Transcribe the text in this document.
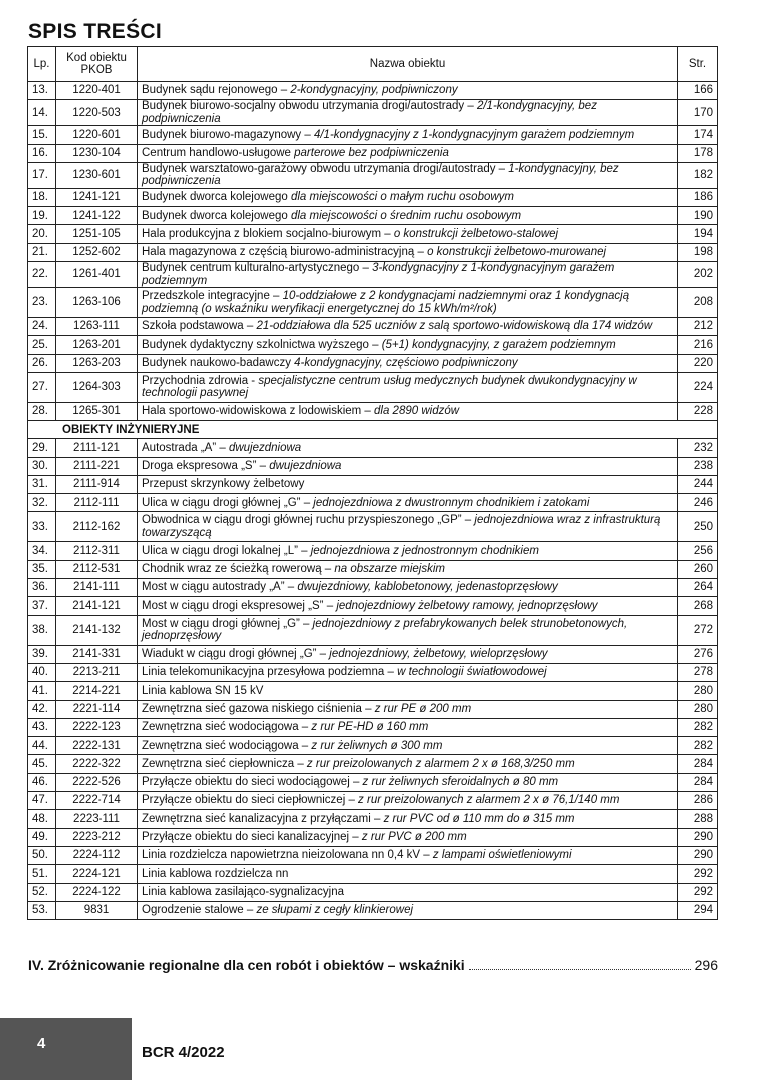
SPIS TREŚCI
Lp.	Kod obiektu PKOB	Nazwa obiektu	Str.
13.	1220-401	Budynek sądu rejonowego – 2-kondygnacyjny, podpiwniczony	166
14.	1220-503	Budynek biurowo-socjalny obwodu utrzymania drogi/autostrady – 2/1-kondygnacyjny, bez podpiwniczenia	170
15.	1220-601	Budynek biurowo-magazynowy – 4/1-kondygnacyjny z 1-kondygnacyjnym garażem podziemnym	174
16.	1230-104	Centrum handlowo-usługowe parterowe bez podpiwniczenia	178
17.	1230-601	Budynek warsztatowo-garażowy obwodu utrzymania drogi/autostrady – 1-kondygnacyjny, bez podpiwniczenia	182
18.	1241-121	Budynek dworca kolejowego dla miejscowości o małym ruchu osobowym	186
19.	1241-122	Budynek dworca kolejowego dla miejscowości o średnim ruchu osobowym	190
20.	1251-105	Hala produkcyjna z blokiem socjalno-biurowym – o konstrukcji żelbetowo-stalowej	194
21.	1252-602	Hala magazynowa z częścią biurowo-administracyjną – o konstrukcji żelbetowo-murowanej	198
22.	1261-401	Budynek centrum kulturalno-artystycznego – 3-kondygnacyjny z 1-kondygnacyjnym garażem podziemnym	202
23.	1263-106	Przedszkole integracyjne – 10-oddziałowe z 2 kondygnacjami nadziemnymi oraz 1 kondygnacją podziemną (o wskaźniku weryfikacji energetycznej do 15 kWh/m²/rok)	208
24.	1263-111	Szkoła podstawowa – 21-oddziałowa dla 525 uczniów z salą sportowo-widowiskową dla 174 widzów	212
25.	1263-201	Budynek dydaktyczny szkolnictwa wyższego – (5+1) kondygnacyjny, z garażem podziemnym	216
26.	1263-203	Budynek naukowo-badawczy 4-kondygnacyjny, częściowo podpiwniczony	220
27.	1264-303	Przychodnia zdrowia - specjalistyczne centrum usług medycznych budynek dwukondygnacyjny w technologii pasywnej	224
28.	1265-301	Hala sportowo-widowiskowa z lodowiskiem – dla 2890 widzów	228
OBIEKTY INŻYNIERYJNE			
29.	2111-121	Autostrada „A” – dwujezdniowa	232
30.	2111-221	Droga ekspresowa „S” – dwujezdniowa	238
31.	2111-914	Przepust skrzynkowy żelbetowy	244
32.	2112-111	Ulica w ciągu drogi głównej „G” – jednojezdniowa z dwustronnym chodnikiem i zatokami	246
33.	2112-162	Obwodnica w ciągu drogi głównej ruchu przyspieszonego „GP” – jednojezdniowa wraz z infrastrukturą towarzyszącą	250
34.	2112-311	Ulica w ciągu drogi lokalnej „L” – jednojezdniowa z jednostronnym chodnikiem	256
35.	2112-531	Chodnik wraz ze ścieżką rowerową – na obszarze miejskim	260
36.	2141-111	Most w ciągu autostrady „A” – dwujezdniowy, kablobetonowy, jedenastoprzęsłowy	264
37.	2141-121	Most w ciągu drogi ekspresowej „S” – jednojezdniowy żelbetowy ramowy, jednoprzęsłowy	268
38.	2141-132	Most w ciągu drogi głównej „G” – jednojezdniowy z prefabrykowanych belek strunobetonowych, jednoprzęsłowy	272
39.	2141-331	Wiadukt w ciągu drogi głównej „G” – jednojezdniowy, żelbetowy, wieloprzęsłowy	276
40.	2213-211	Linia telekomunikacyjna przesyłowa podziemna – w technologii światłowodowej	278
41.	2214-221	Linia kablowa SN 15 kV	280
42.	2221-114	Zewnętrzna sieć gazowa niskiego ciśnienia – z rur PE ø 200 mm	280
43.	2222-123	Zewnętrzna sieć wodociągowa – z rur PE-HD ø 160 mm	282
44.	2222-131	Zewnętrzna sieć wodociągowa – z rur żeliwnych ø 300 mm	282
45.	2222-322	Zewnętrzna sieć ciepłownicza – z rur preizolowanych z alarmem 2 x ø 168,3/250 mm	284
46.	2222-526	Przyłącze obiektu do sieci wodociągowej – z rur żeliwnych sferoidalnych ø 80 mm	284
47.	2222-714	Przyłącze obiektu do sieci ciepłowniczej – z rur preizolowanych z alarmem 2 x ø 76,1/140 mm	286
48.	2223-111	Zewnętrzna sieć kanalizacyjna z przyłączami – z rur PVC od ø 110 mm do ø 315 mm	288
49.	2223-212	Przyłącze obiektu do sieci kanalizacyjnej – z rur PVC ø 200 mm	290
50.	2224-112	Linia rozdzielcza napowietrzna nieizolowana nn 0,4 kV – z lampami oświetleniowymi	290
51.	2224-121	Linia kablowa rozdzielcza nn	292
52.	2224-122	Linia kablowa zasilająco-sygnalizacyjna	292
53.	9831	Ogrodzenie stalowe – ze słupami z cegły klinkierowej	294
IV. Zróżnicowanie regionalne dla cen robót i obiektów – wskaźniki	296
4
BCR 4/2022
